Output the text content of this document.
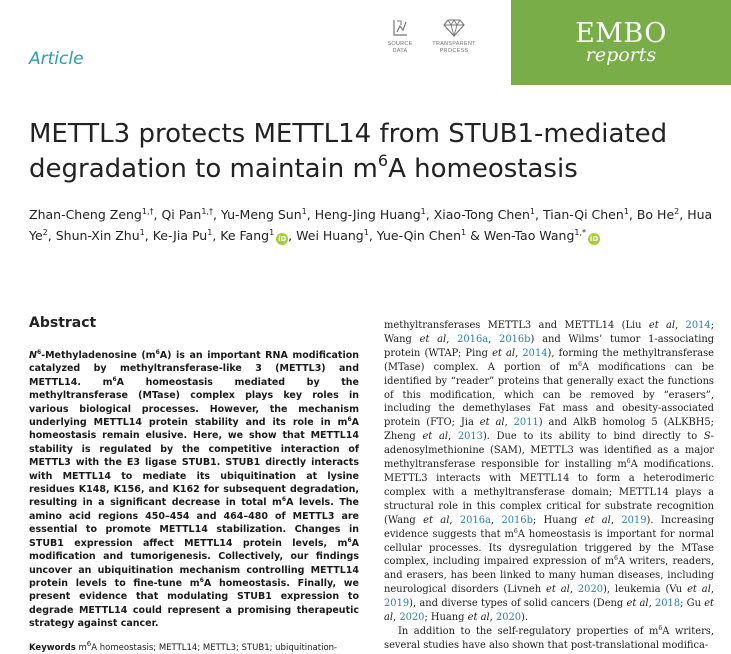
Article
SOURCE
DATA
TRANSPARENT
PROCESS
EMBO
reports
METTL3 protects METTL14 from STUB1-mediated degradation to maintain $m^6A$ homeostasis
Zhan-Cheng Zeng$^{1,\dagger}$, Qi Pan$^{1,\dagger}$, Yu-Meng Sun$^1$, Heng-Jing Huang$^1$, Xiao-Tong Chen$^1$, Tian-Qi Chen$^1$, Bo He$^2$, Hua Ye$^2$, Shun-Xin Zhu$^1$, Ke-Jia Pu$^1$, Ke Fang$^1$iD , Wei Huang$^1$, Yue-Qin Chen$^1$ & Wen-Tao Wang$^{1,*}$iD
Abstract
$N^6$-Methyladenosine $(m^6A)$ is an important RNA modification catalyzed by methyltransferase-like 3 (METTL3) and METTL14. $m^6A$ homeostasis mediated by the methyltransferase (MTase) complex plays key roles in various biological processes. However, the mechanism underlying METTL14 protein stability and its role in $m^6A$ homeostasis remain elusive. Here, we show that METTL14 stability is regulated by the competitive interaction of METTL3 with the E3 ligase STUB1. STUB1 directly interacts with METTL14 to mediate its ubiquitination at lysine residues K148, K156, and K162 for subsequent degradation, resulting in a significant decrease in total $m^6A$ levels. The amino acid regions 450–454 and 464–480 of METTL3 are essential to promote METTL14 stabilization. Changes in STUB1 expression affect METTL14 protein levels, $m^6A$ modification and tumorigenesis. Collectively, our findings uncover an ubiquitination mechanism controlling METTL14 protein levels to fine-tune $m^6A$ homeostasis. Finally, we present evidence that modulating STUB1 expression to degrade METTL14 could represent a promising therapeutic strategy against cancer.
Keywords $m^6A$ homeostasis; METTL14; METTL3; STUB1; ubiquitination-

methyltransferases METTL3 and METTL14 (Liu et al, 2014; Wang et al, 2016a, 2016b) and Wilms’ tumor 1-associating protein (WTAP; Ping et al, 2014), forming the methyltransferase (MTase) complex. A portion of $m^6A$ modifications can be identified by “reader” proteins that generally exact the functions of this modification, which can be removed by “erasers”, including the demethylases Fat mass and obesity-associated protein (FTO; Jia et al, 2011) and AlkB homolog 5 (ALKBH5; Zheng et al, 2013). Due to its ability to bind directly to S-adenosylmethionine (SAM), METTL3 was identified as a major methyltransferase responsible for installing $m^6A$ modifications. METTL3 interacts with METTL14 to form a heterodimeric complex with a methyltransferase domain; METTL14 plays a structural role in this complex critical for substrate recognition (Wang et al, 2016a, 2016b; Huang et al, 2019). Increasing evidence suggests that $m^6A$ homeostasis is important for normal cellular processes. Its dysregulation triggered by the MTase complex, including impaired expression of $m^6A$ writers, readers, and erasers, has been linked to many human diseases, including neurological disorders (Livneh et al, 2020), leukemia (Vu et al, 2019), and diverse types of solid cancers (Deng et al, 2018; Gu et al, 2020; Huang et al, 2020).

In addition to the self-regulatory properties of $m^6A$ writers, several studies have also shown that post-translational modifica-
